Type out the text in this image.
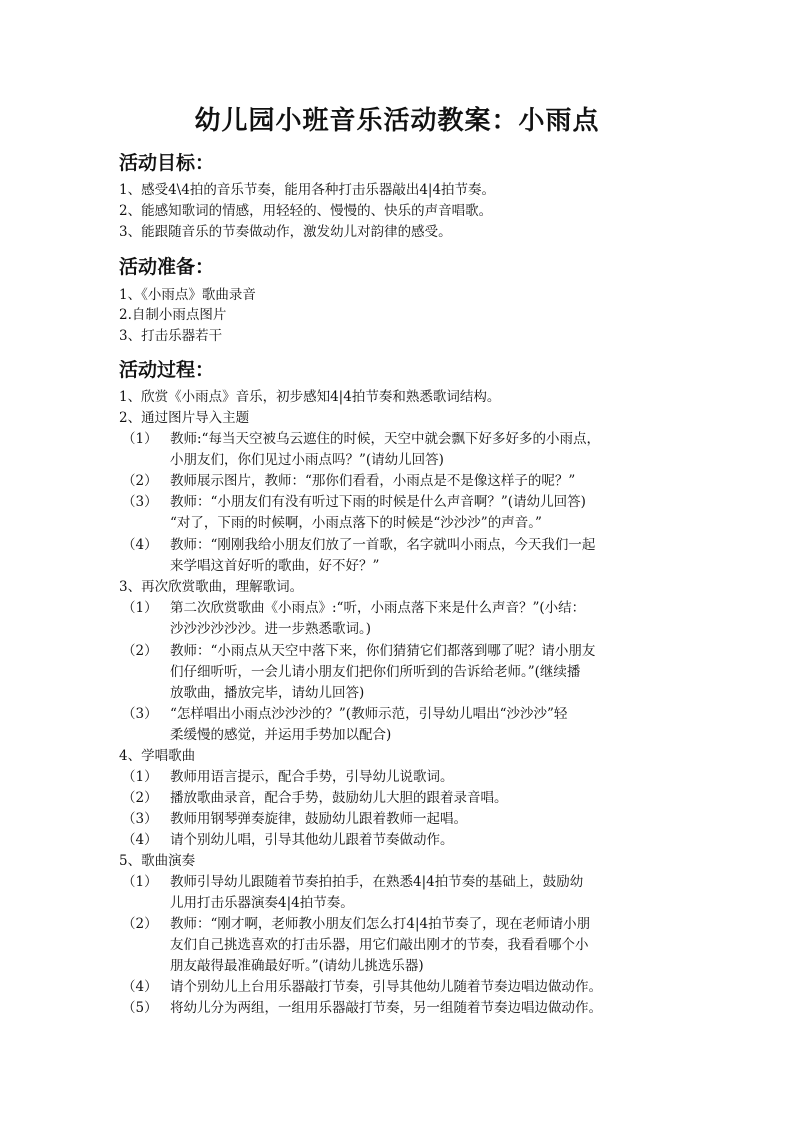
幼儿园小班音乐活动教案：小雨点
活动目标：
1、感受4\4拍的音乐节奏，能用各种打击乐器敲出4|4拍节奏。
2、能感知歌词的情感，用轻轻的、慢慢的、快乐的声音唱歌。
3、能跟随音乐的节奏做动作，激发幼儿对韵律的感受。
活动准备：
1、《小雨点》歌曲录音
2.自制小雨点图片
3、打击乐器若干
活动过程：
1、欣赏《小雨点》音乐，初步感知4|4拍节奏和熟悉歌词结构。
2、通过图片导入主题
（1） 教师:“每当天空被乌云遮住的时候，天空中就会飘下好多好多的小雨点，
小朋友们，你们见过小雨点吗？”(请幼儿回答)
（2） 教师展示图片，教师：“那你们看看，小雨点是不是像这样子的呢？”
（3） 教师：“小朋友们有没有听过下雨的时候是什么声音啊？”(请幼儿回答)
“对了，下雨的时候啊，小雨点落下的时候是“沙沙沙”的声音。”
（4） 教师：“刚刚我给小朋友们放了一首歌，名字就叫小雨点，今天我们一起
来学唱这首好听的歌曲，好不好？”
3、再次欣赏歌曲，理解歌词。
（1） 第二次欣赏歌曲《小雨点》:“听，小雨点落下来是什么声音？”(小结：
沙沙沙沙沙沙。进一步熟悉歌词。)
（2） 教师：“小雨点从天空中落下来，你们猜猜它们都落到哪了呢？请小朋友
们仔细听听，一会儿请小朋友们把你们所听到的告诉给老师。”(继续播
放歌曲，播放完毕，请幼儿回答)
（3） “怎样唱出小雨点沙沙沙的？”(教师示范，引导幼儿唱出“沙沙沙”轻
柔缓慢的感觉，并运用手势加以配合)
4、学唱歌曲
（1） 教师用语言提示，配合手势，引导幼儿说歌词。
（2） 播放歌曲录音，配合手势，鼓励幼儿大胆的跟着录音唱。
（3） 教师用钢琴弹奏旋律，鼓励幼儿跟着教师一起唱。
（4） 请个别幼儿唱，引导其他幼儿跟着节奏做动作。
5、歌曲演奏
（1） 教师引导幼儿跟随着节奏拍拍手，在熟悉4|4拍节奏的基础上，鼓励幼
儿用打击乐器演奏4|4拍节奏。
（2） 教师：“刚才啊，老师教小朋友们怎么打4|4拍节奏了，现在老师请小朋
友们自己挑选喜欢的打击乐器，用它们敲出刚才的节奏，我看看哪个小
朋友敲得最准确最好听。”(请幼儿挑选乐器)
（4） 请个别幼儿上台用乐器敲打节奏，引导其他幼儿随着节奏边唱边做动作。
（5） 将幼儿分为两组，一组用乐器敲打节奏，另一组随着节奏边唱边做动作。
